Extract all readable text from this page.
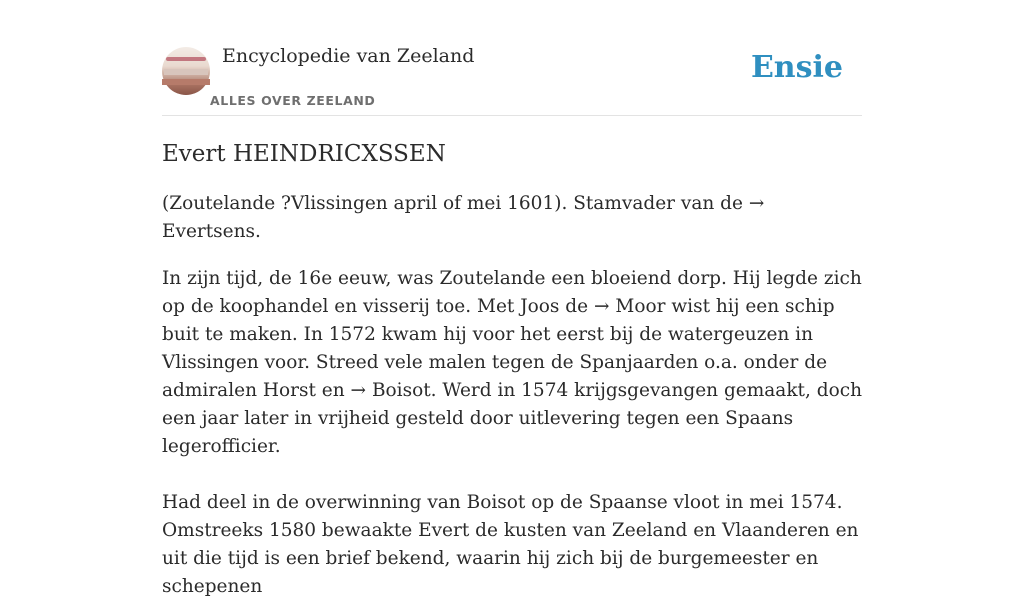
Encyclopedie van Zeeland
ALLES OVER ZEELAND
Ensie
Evert HEINDRICXSSEN

(Zoutelande ?Vlissingen april of mei 1601). Stamvader van de → Evertsens.

In zijn tijd, de 16e eeuw, was Zoutelande een bloeiend dorp. Hij legde zich op de koophandel en visserij toe. Met Joos de → Moor wist hij een schip buit te maken. In 1572 kwam hij voor het eerst bij de watergeuzen in Vlissingen voor. Streed vele malen tegen de Spanjaarden o.a. onder de admiralen Horst en → Boisot. Werd in 1574 krijgsgevangen gemaakt, doch een jaar later in vrijheid gesteld door uitlevering tegen een Spaans legerofficier.

Had deel in de overwinning van Boisot op de Spaanse vloot in mei 1574. Omstreeks 1580 bewaakte Evert de kusten van Zeeland en Vlaanderen en uit die tijd is een brief bekend, waarin hij zich bij de burgemeester en schepenen
